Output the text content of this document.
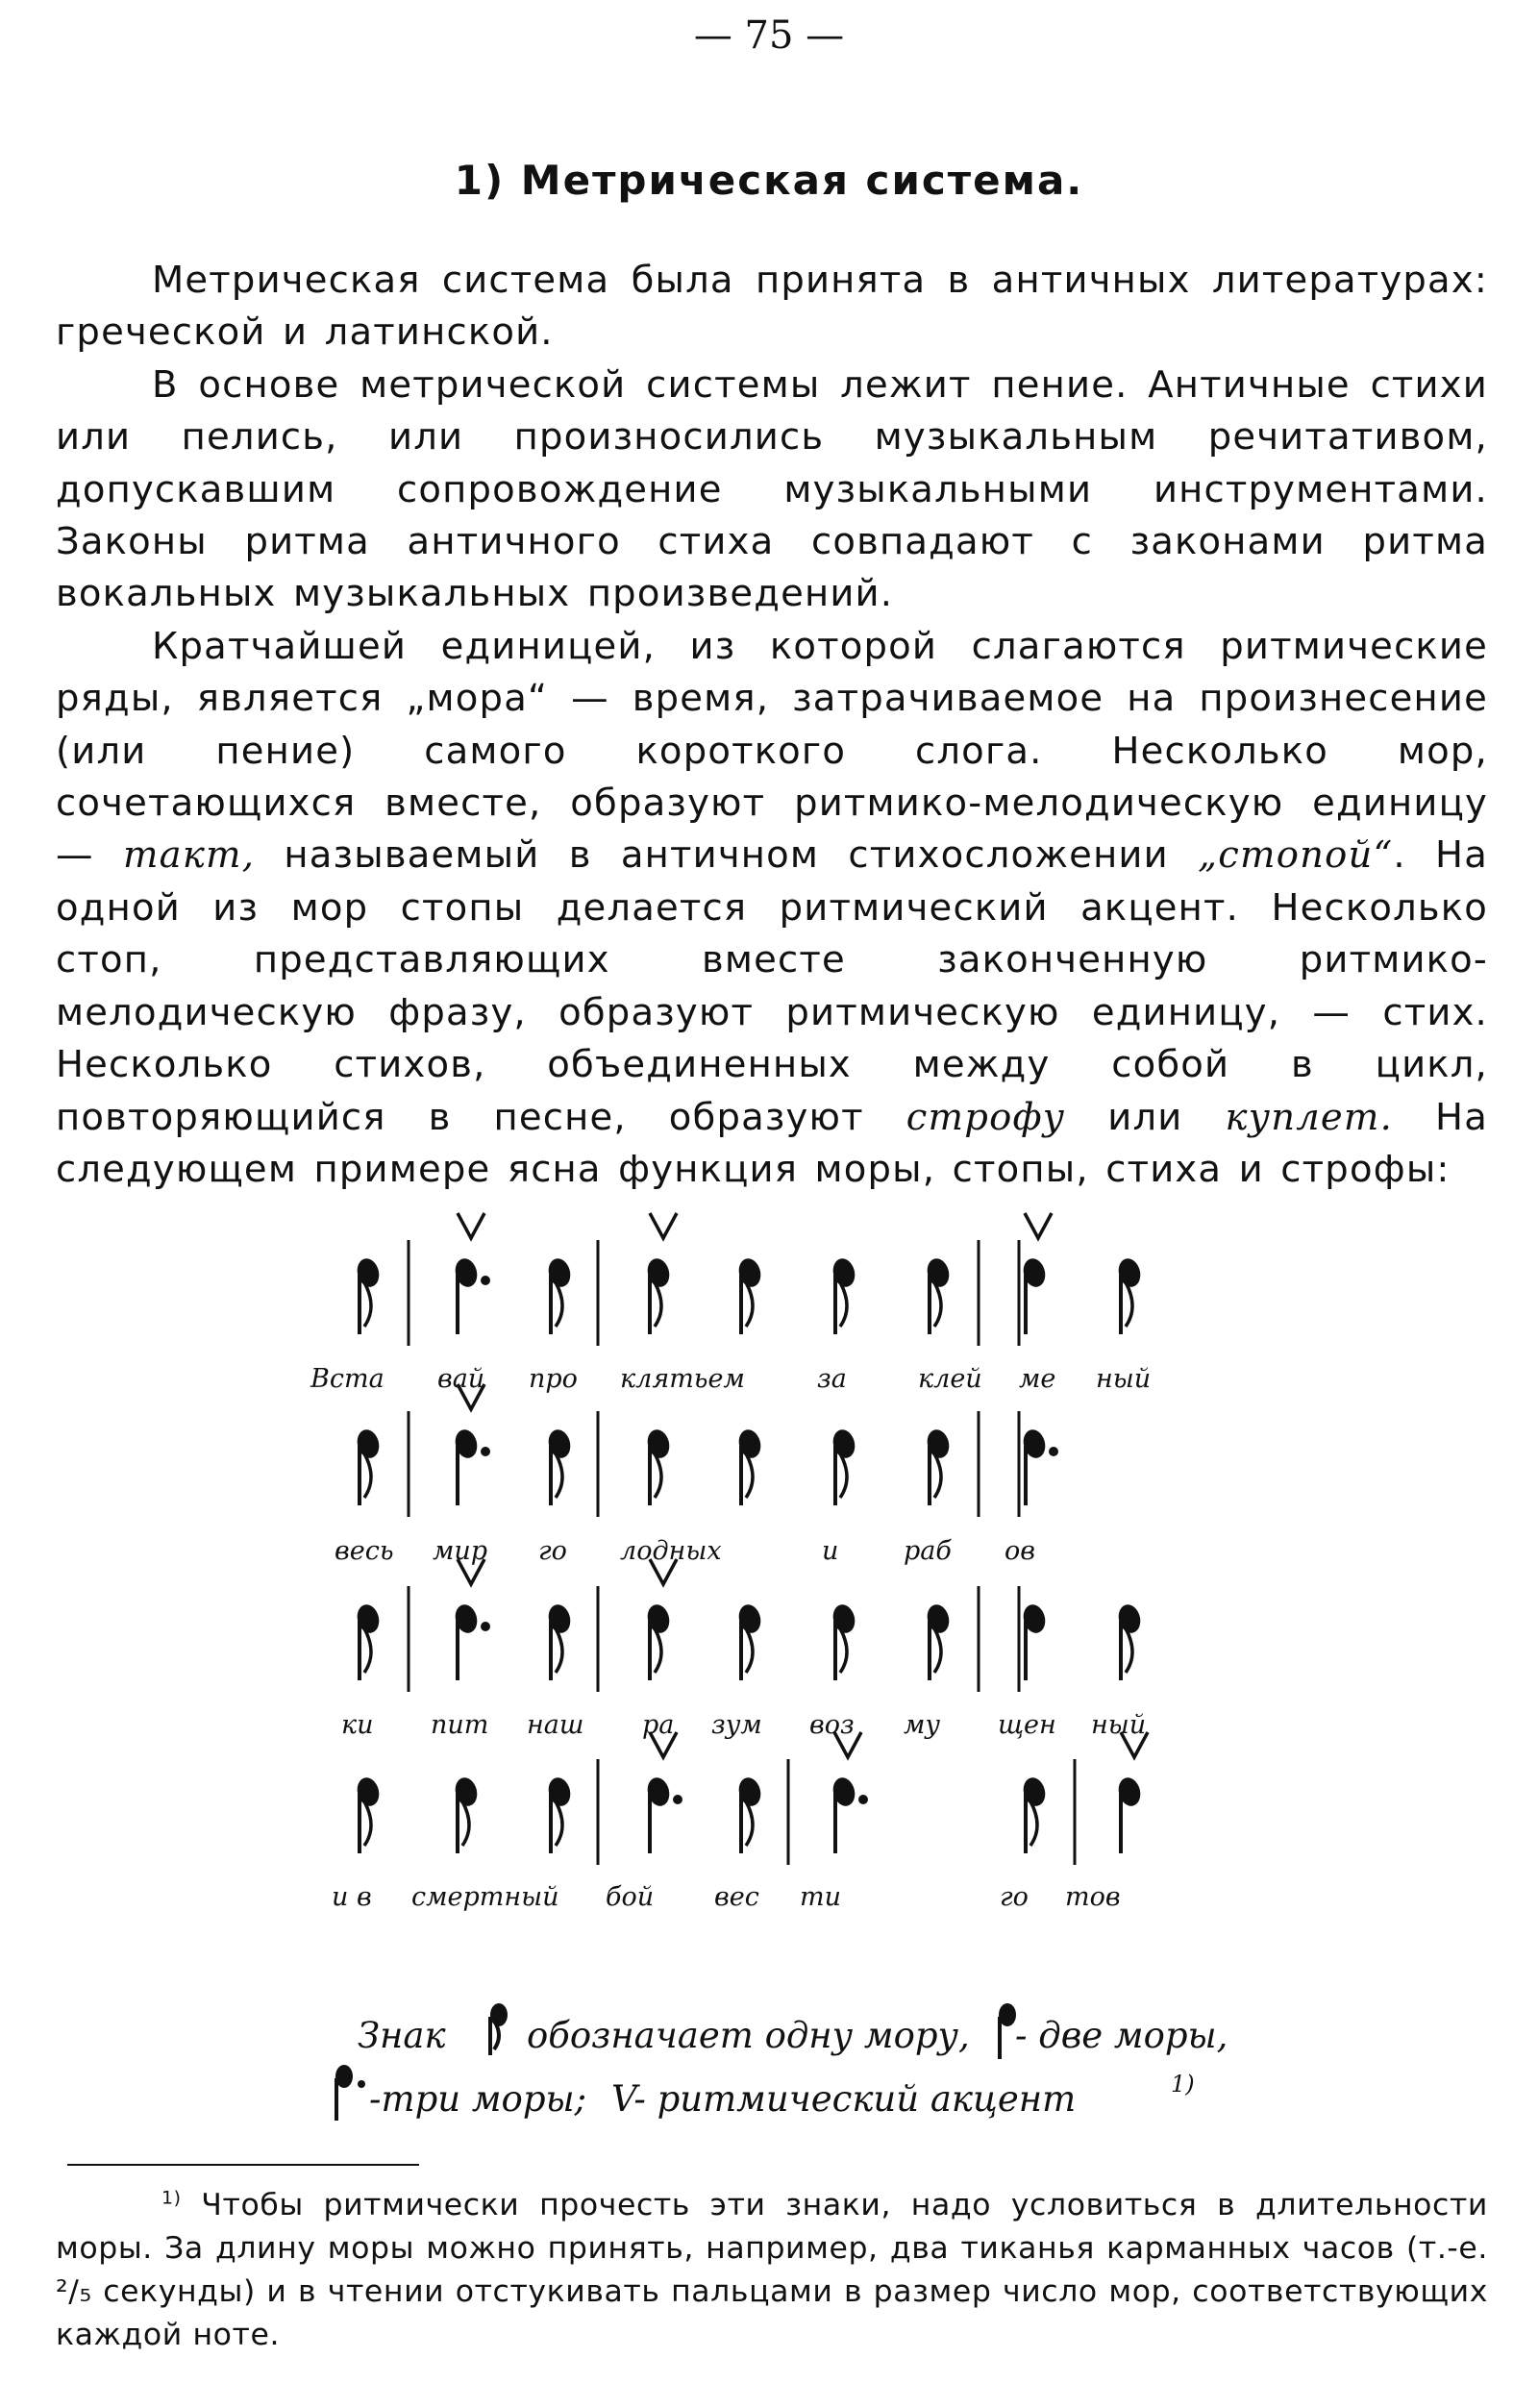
— 75 —
1) Метрическая система.

Метрическая система была принята в античных литературах: греческой и латинской.

В основе метрической системы лежит пение. Античные стихи или пелись, или произносились музыкальным речитативом, допускавшим сопровождение музыкальными инструментами. Законы ритма античного стиха совпадают с законами ритма вокальных музыкальных произведений.

Кратчайшей единицей, из которой слагаются ритмические ряды, является „мора“ — время, затрачиваемое на произнесение (или пение) самого короткого слога. Несколько мор, сочетающихся вместе, образуют ритмико-мелодическую единицу — такт, называемый в античном стихосложении „стопой“. На одной из мор стопы делается ритмический акцент. Несколько стоп, представляющих вместе законченную ритмико-мелодическую фразу, образуют ритмическую единицу, — стих. Несколько стихов, объединенных между собой в цикл, повторяющийся в песне, образуют строфу или куплет. На следующем примере ясна функция моры, стопы, стиха и строфы:

Вста вай про клятьем	за	клей ме ный
весь мир го лодных	и	раб ов
ки пит наш ра зум воз му щен ный
и в смертный бой вес ти	го тов
Знак обозначает одну мору, - две моры,
-три моры; V- ритмический акцент	1)

$^{1)}$ Чтобы ритмически прочесть эти знаки, надо условиться в длительности моры. За длину моры можно принять, например, два тиканья карманных часов (т.-е. ²/₅ секунды) и в чтении отстукивать пальцами в размер число мор, соответствующих каждой ноте.
